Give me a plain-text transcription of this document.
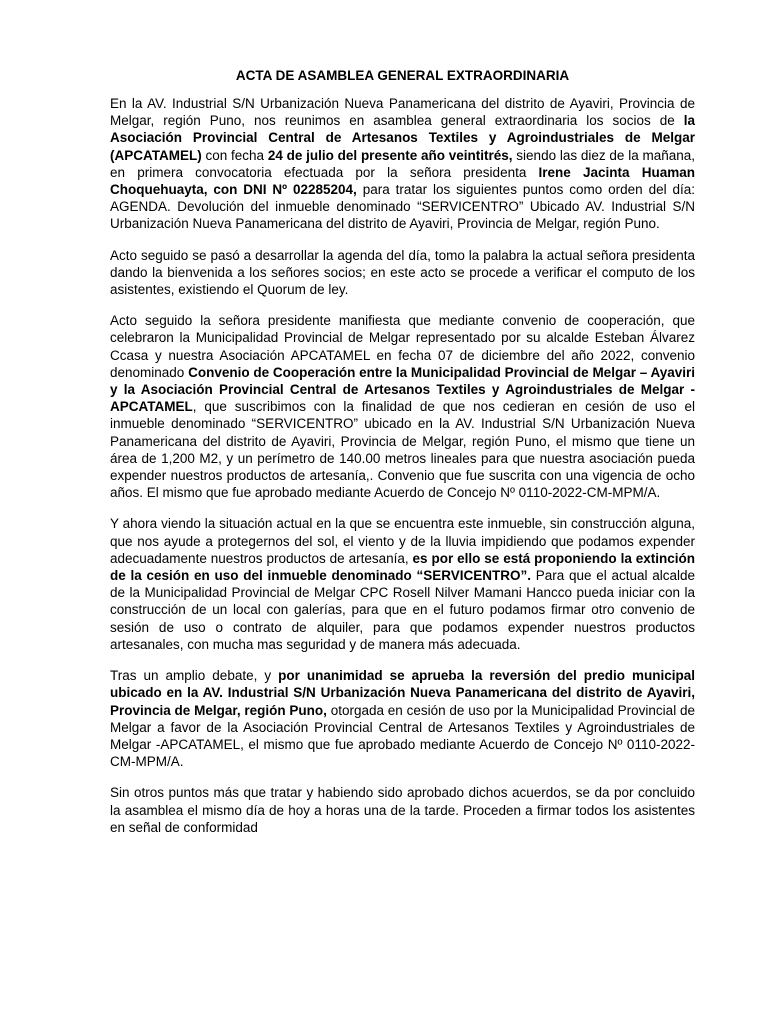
ACTA DE ASAMBLEA GENERAL EXTRAORDINARIA

En la AV. Industrial S/N Urbanización Nueva Panamericana del distrito de Ayaviri, Provincia de Melgar, región Puno, nos reunimos en asamblea general extraordinaria los socios de la Asociación Provincial Central de Artesanos Textiles y Agroindustriales de Melgar (APCATAMEL) con fecha 24 de julio del presente año veintitrés, siendo las diez de la mañana, en primera convocatoria efectuada por la señora presidenta Irene Jacinta Huaman Choquehuayta, con DNI Nº 02285204, para tratar los siguientes puntos como orden del día: AGENDA. Devolución del inmueble denominado “SERVICENTRO” Ubicado AV. Industrial S/N Urbanización Nueva Panamericana del distrito de Ayaviri, Provincia de Melgar, región Puno.

Acto seguido se pasó a desarrollar la agenda del día, tomo la palabra la actual señora presidenta dando la bienvenida a los señores socios; en este acto se procede a verificar el computo de los asistentes, existiendo el Quorum de ley.

Acto seguido la señora presidente manifiesta que mediante convenio de cooperación, que celebraron la Municipalidad Provincial de Melgar representado por su alcalde Esteban Álvarez Ccasa y nuestra Asociación APCATAMEL en fecha 07 de diciembre del año 2022, convenio denominado Convenio de Cooperación entre la Municipalidad Provincial de Melgar – Ayaviri y la Asociación Provincial Central de Artesanos Textiles y Agroindustriales de Melgar -APCATAMEL, que suscribimos con la finalidad de que nos cedieran en cesión de uso el inmueble denominado “SERVICENTRO” ubicado en la AV. Industrial S/N Urbanización Nueva Panamericana del distrito de Ayaviri, Provincia de Melgar, región Puno, el mismo que tiene un área de 1,200 M2, y un perímetro de 140.00 metros lineales para que nuestra asociación pueda expender nuestros productos de artesanía,. Convenio que fue suscrita con una vigencia de ocho años. El mismo que fue aprobado mediante Acuerdo de Concejo Nº 0110-2022-CM-MPM/A.

Y ahora viendo la situación actual en la que se encuentra este inmueble, sin construcción alguna, que nos ayude a protegernos del sol, el viento y de la lluvia impidiendo que podamos expender adecuadamente nuestros productos de artesanía, es por ello se está proponiendo la extinción de la cesión en uso del inmueble denominado “SERVICENTRO”. Para que el actual alcalde de la Municipalidad Provincial de Melgar CPC Rosell Nilver Mamani Hancco pueda iniciar con la construcción de un local con galerías, para que en el futuro podamos firmar otro convenio de sesión de uso o contrato de alquiler, para que podamos expender nuestros productos artesanales, con mucha mas seguridad y de manera más adecuada.

Tras un amplio debate, y por unanimidad se aprueba la reversión del predio municipal ubicado en la AV. Industrial S/N Urbanización Nueva Panamericana del distrito de Ayaviri, Provincia de Melgar, región Puno, otorgada en cesión de uso por la Municipalidad Provincial de Melgar a favor de la Asociación Provincial Central de Artesanos Textiles y Agroindustriales de Melgar -APCATAMEL, el mismo que fue aprobado mediante Acuerdo de Concejo Nº 0110-2022-CM-MPM/A.

Sin otros puntos más que tratar y habiendo sido aprobado dichos acuerdos, se da por concluido la asamblea el mismo día de hoy a horas una de la tarde. Proceden a firmar todos los asistentes en señal de conformidad
